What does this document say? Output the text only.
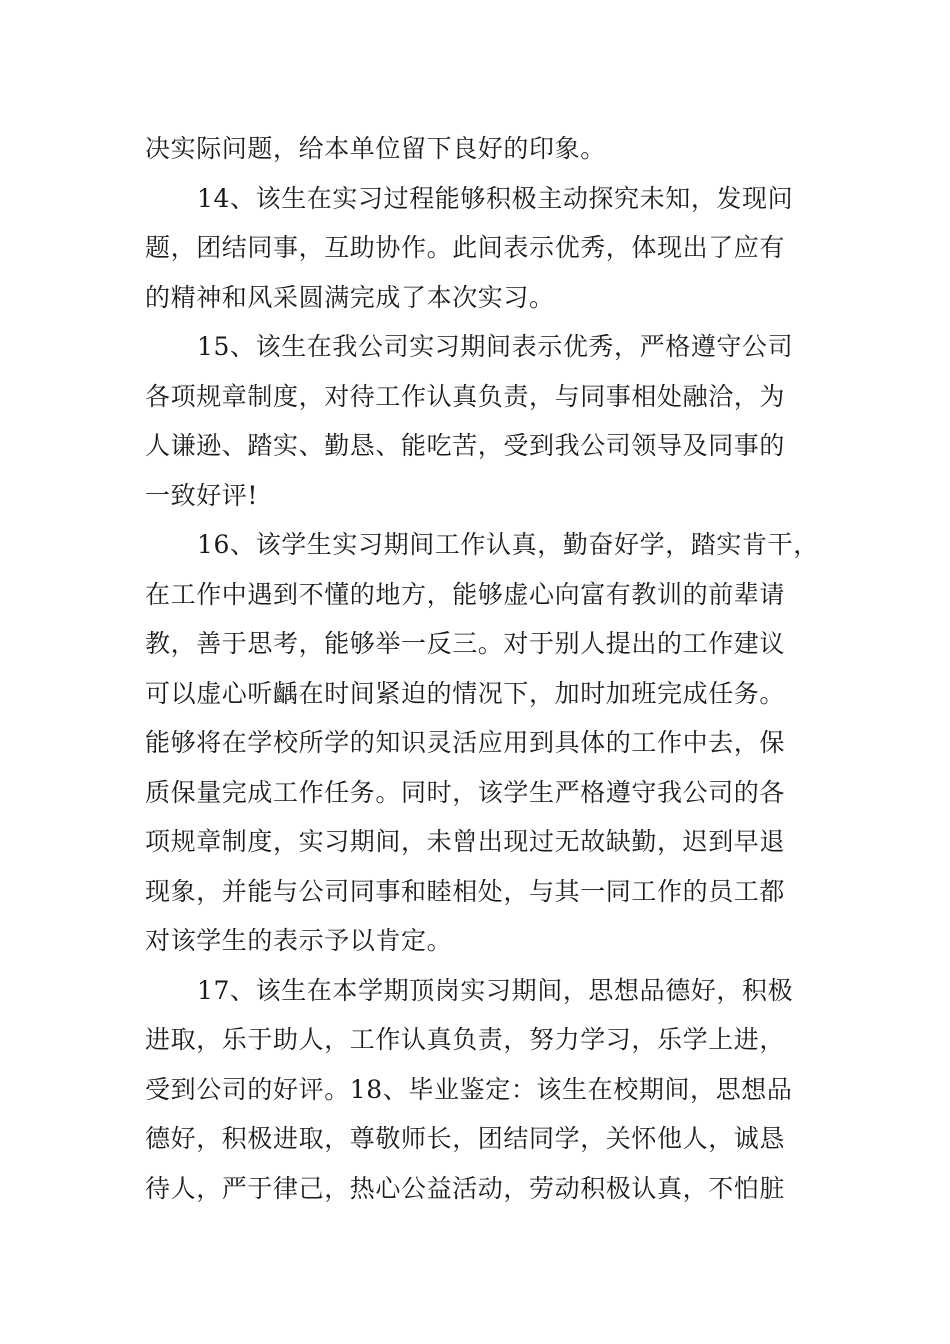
决实际问题，给本单位留下良好的印象。
14、该生在实习过程能够积极主动探究未知，发现问
题，团结同事，互助协作。此间表示优秀，体现出了应有
的精神和风采圆满完成了本次实习。
15、该生在我公司实习期间表示优秀，严格遵守公司
各项规章制度，对待工作认真负责，与同事相处融洽，为
人谦逊、踏实、勤恳、能吃苦，受到我公司领导及同事的
一致好评!
16、该学生实习期间工作认真，勤奋好学，踏实肯干，
在工作中遇到不懂的地方，能够虚心向富有教训的前辈请
教，善于思考，能够举一反三。对于别人提出的工作建议
可以虚心听齲在时间紧迫的情况下，加时加班完成任务。
能够将在学校所学的知识灵活应用到具体的工作中去，保
质保量完成工作任务。同时，该学生严格遵守我公司的各
项规章制度，实习期间，未曾出现过无故缺勤，迟到早退
现象，并能与公司同事和睦相处，与其一同工作的员工都
对该学生的表示予以肯定。
17、该生在本学期顶岗实习期间，思想品德好，积极
进取，乐于助人，工作认真负责，努力学习，乐学上进，
受到公司的好评。18、毕业鉴定：该生在校期间，思想品
德好，积极进取，尊敬师长，团结同学，关怀他人，诚恳
待人，严于律己，热心公益活动，劳动积极认真，不怕脏
